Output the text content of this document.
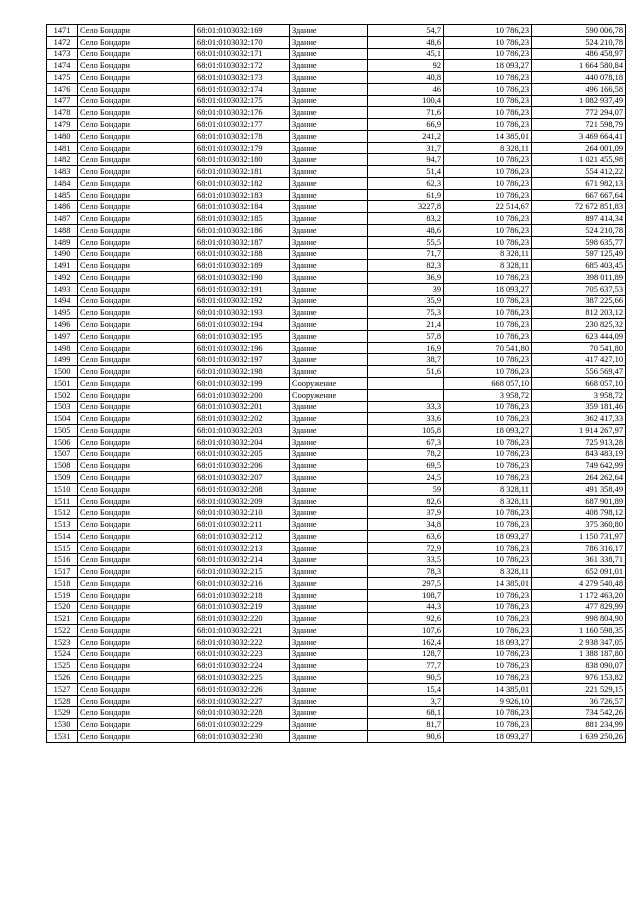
1471	Село Бондари	68:01:0103032:169	Здание	54,7	10 786,23	590 006,78
1472	Село Бондари	68:01:0103032:170	Здание	48,6	10 786,23	524 210,78
1473	Село Бондари	68:01:0103032:171	Здание	45,1	10 786,23	486 458,97
1474	Село Бондари	68:01:0103032:172	Здание	92	18 093,27	1 664 580,84
1475	Село Бондари	68:01:0103032:173	Здание	40,8	10 786,23	440 078,18
1476	Село Бондари	68:01:0103032:174	Здание	46	10 786,23	496 166,58
1477	Село Бондари	68:01:0103032:175	Здание	100,4	10 786,23	1 082 937,49
1478	Село Бондари	68:01:0103032:176	Здание	71,6	10 786,23	772 294,07
1479	Село Бондари	68:01:0103032:177	Здание	66,9	10 786,23	721 598,79
1480	Село Бондари	68:01:0103032:178	Здание	241,2	14 385,01	3 469 664,41
1481	Село Бондари	68:01:0103032:179	Здание	31,7	8 328,11	264 001,09
1482	Село Бондари	68:01:0103032:180	Здание	94,7	10 786,23	1 021 455,98
1483	Село Бондари	68:01:0103032:181	Здание	51,4	10 786,23	554 412,22
1484	Село Бондари	68:01:0103032:182	Здание	62,3	10 786,23	671 982,13
1485	Село Бондари	68:01:0103032:183	Здание	61,9	10 786,23	667 667,64
1486	Село Бондари	68:01:0103032:184	Здание	3227,8	22 514,67	72 672 851,83
1487	Село Бондари	68:01:0103032:185	Здание	83,2	10 786,23	897 414,34
1488	Село Бондари	68:01:0103032:186	Здание	48,6	10 786,23	524 210,78
1489	Село Бондари	68:01:0103032:187	Здание	55,5	10 786,23	598 635,77
1490	Село Бондари	68:01:0103032:188	Здание	71,7	8 328,11	597 125,49
1491	Село Бондари	68:01:0103032:189	Здание	82,3	8 328,11	685 403,45
1492	Село Бондари	68:01:0103032:190	Здание	36,9	10 786,23	398 011,89
1493	Село Бондари	68:01:0103032:191	Здание	39	18 093,27	705 637,53
1494	Село Бондари	68:01:0103032:192	Здание	35,9	10 786,23	387 225,66
1495	Село Бондари	68:01:0103032:193	Здание	75,3	10 786,23	812 203,12
1496	Село Бондари	68:01:0103032:194	Здание	21,4	10 786,23	230 825,32
1497	Село Бондари	68:01:0103032:195	Здание	57,8	10 786,23	623 444,09
1498	Село Бондари	68:01:0103032:196	Здание	16,9	70 541,80	70 541,80
1499	Село Бондари	68:01:0103032:197	Здание	38,7	10 786,23	417 427,10
1500	Село Бондари	68:01:0103032:198	Здание	51,6	10 786,23	556 569,47
1501	Село Бондари	68:01:0103032:199	Сооружение		668 057,10	668 057,10
1502	Село Бондари	68:01:0103032:200	Сооружение		3 958,72	3 958,72
1503	Село Бондари	68:01:0103032:201	Здание	33,3	10 786,23	359 181,46
1504	Село Бондари	68:01:0103032:202	Здание	33,6	10 786,23	362 417,33
1505	Село Бондари	68:01:0103032:203	Здание	105,8	18 093,27	1 914 267,97
1506	Село Бондари	68:01:0103032:204	Здание	67,3	10 786,23	725 913,28
1507	Село Бондари	68:01:0103032:205	Здание	78,2	10 786,23	843 483,19
1508	Село Бондари	68:01:0103032:206	Здание	69,5	10 786,23	749 642,99
1509	Село Бондари	68:01:0103032:207	Здание	24,5	10 786,23	264 262,64
1510	Село Бондари	68:01:0103032:208	Здание	59	8 328,11	491 358,49
1511	Село Бондари	68:01:0103032:209	Здание	82,6	8 328,11	687 901,89
1512	Село Бондари	68:01:0103032:210	Здание	37,9	10 786,23	408 798,12
1513	Село Бондари	68:01:0103032:211	Здание	34,8	10 786,23	375 360,80
1514	Село Бондари	68:01:0103032:212	Здание	63,6	18 093,27	1 150 731,97
1515	Село Бондари	68:01:0103032:213	Здание	72,9	10 786,23	786 316,17
1516	Село Бондари	68:01:0103032:214	Здание	33,5	10 786,23	361 338,71
1517	Село Бондари	68:01:0103032:215	Здание	78,3	8 328,11	652 091,01
1518	Село Бондари	68:01:0103032:216	Здание	297,5	14 385,01	4 279 540,48
1519	Село Бондари	68:01:0103032:218	Здание	108,7	10 786,23	1 172 463,20
1520	Село Бондари	68:01:0103032:219	Здание	44,3	10 786,23	477 829,99
1521	Село Бондари	68:01:0103032:220	Здание	92,6	10 786,23	998 804,90
1522	Село Бондари	68:01:0103032:221	Здание	107,6	10 786,23	1 160 598,35
1523	Село Бондари	68:01:0103032:222	Здание	162,4	18 093,27	2 938 347,05
1524	Село Бондари	68:01:0103032:223	Здание	128,7	10 786,23	1 388 187,80
1525	Село Бондари	68:01:0103032:224	Здание	77,7	10 786,23	838 090,07
1526	Село Бондари	68:01:0103032:225	Здание	90,5	10 786,23	976 153,82
1527	Село Бондари	68:01:0103032:226	Здание	15,4	14 385,01	221 529,15
1528	Село Бондари	68:01:0103032:227	Здание	3,7	9 926,10	36 726,57
1529	Село Бондари	68:01:0103032:228	Здание	68,1	10 786,23	734 542,26
1530	Село Бондари	68:01:0103032:229	Здание	81,7	10 786,23	881 234,99
1531	Село Бондари	68:01:0103032:230	Здание	90,6	18 093,27	1 639 250,26
